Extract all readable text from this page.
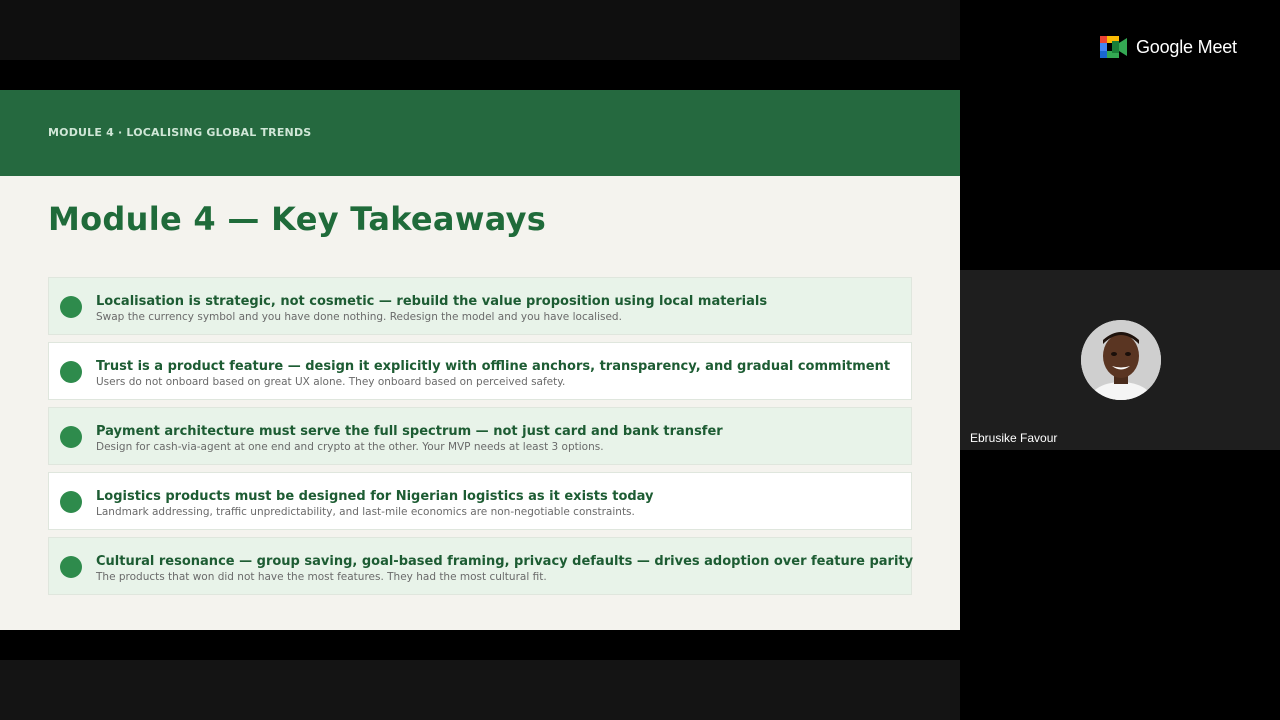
MODULE 4 · LOCALISING GLOBAL TRENDS
Module 4 — Key Takeaways
Localisation is strategic, not cosmetic — rebuild the value proposition using local materials
Swap the currency symbol and you have done nothing. Redesign the model and you have localised.
Trust is a product feature — design it explicitly with offline anchors, transparency, and gradual commitment
Users do not onboard based on great UX alone. They onboard based on perceived safety.
Payment architecture must serve the full spectrum — not just card and bank transfer
Design for cash-via-agent at one end and crypto at the other. Your MVP needs at least 3 options.
Logistics products must be designed for Nigerian logistics as it exists today
Landmark addressing, traffic unpredictability, and last-mile economics are non-negotiable constraints.
Cultural resonance — group saving, goal-based framing, privacy defaults — drives adoption over feature parity
The products that won did not have the most features. They had the most cultural fit.
Google Meet
Ebrusike Favour
